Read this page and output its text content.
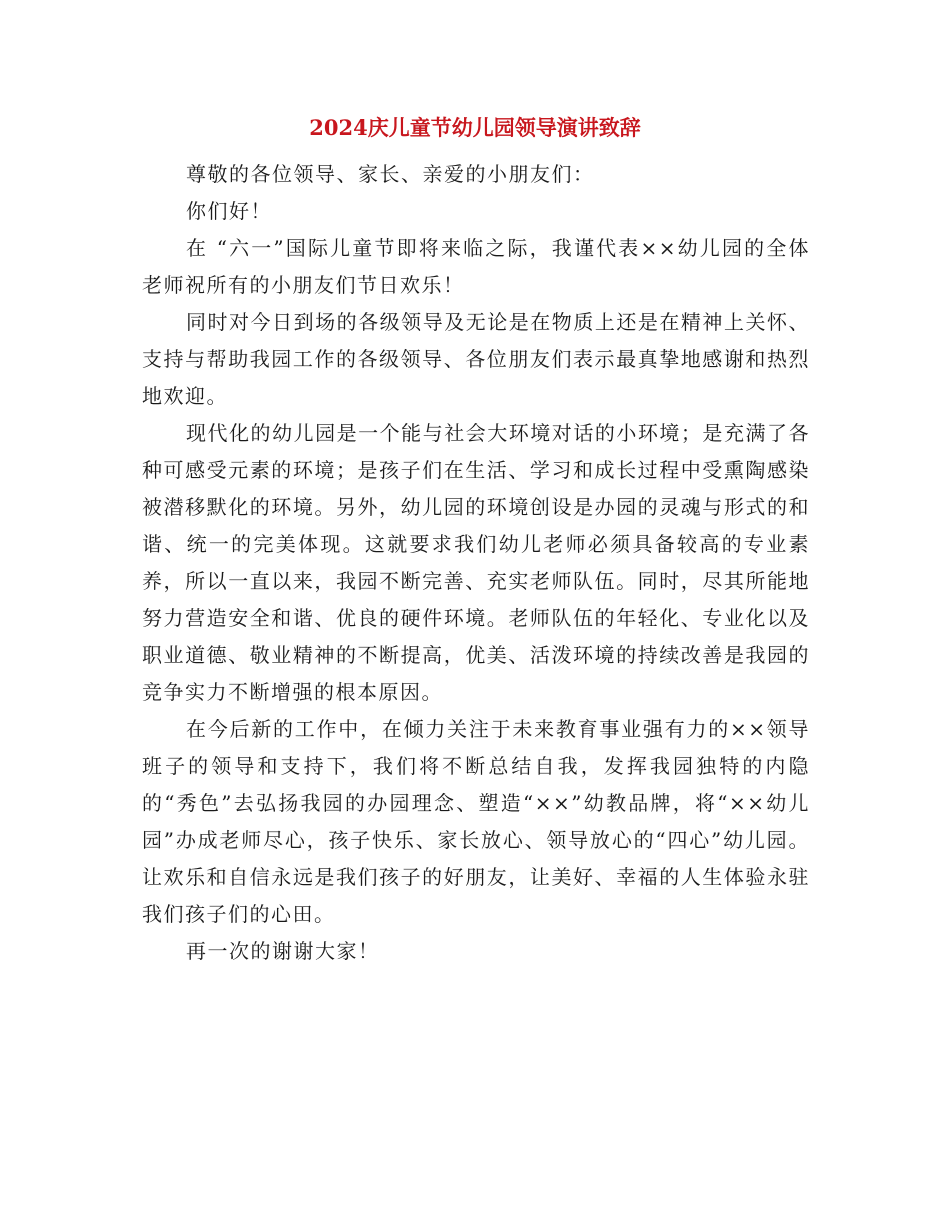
2024庆儿童节幼儿园领导演讲致辞

尊敬的各位领导、家长、亲爱的小朋友们：

你们好！

在 “六一”国际儿童节即将来临之际，我谨代表××幼儿园的全体老师祝所有的小朋友们节日欢乐！

同时对今日到场的各级领导及无论是在物质上还是在精神上关怀、支持与帮助我园工作的各级领导、各位朋友们表示最真挚地感谢和热烈地欢迎。

现代化的幼儿园是一个能与社会大环境对话的小环境；是充满了各种可感受元素的环境；是孩子们在生活、学习和成长过程中受熏陶感染被潜移默化的环境。另外，幼儿园的环境创设是办园的灵魂与形式的和谐、统一的完美体现。这就要求我们幼儿老师必须具备较高的专业素养，所以一直以来，我园不断完善、充实老师队伍。同时，尽其所能地努力营造安全和谐、优良的硬件环境。老师队伍的年轻化、专业化以及职业道德、敬业精神的不断提高，优美、活泼环境的持续改善是我园的竞争实力不断增强的根本原因。

在今后新的工作中，在倾力关注于未来教育事业强有力的××领导班子的领导和支持下，我们将不断总结自我，发挥我园独特的内隐的“秀色”去弘扬我园的办园理念、塑造“××”幼教品牌，将“××幼儿园”办成老师尽心，孩子快乐、家长放心、领导放心的“四心”幼儿园。让欢乐和自信永远是我们孩子的好朋友，让美好、幸福的人生体验永驻我们孩子们的心田。

再一次的谢谢大家！
